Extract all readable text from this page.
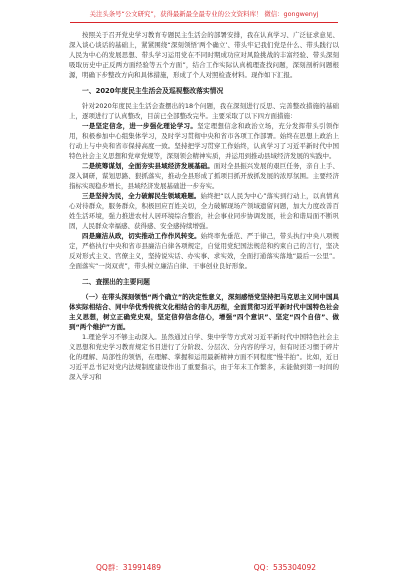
关注头条号“公文研究”，获得最新最全最专业的公文资料库！ 微信：gongwenyj

按照关于召开党史学习教育专题民主生活会的部署安排，我在认真学习、广泛征求意见、深入谈心谈话的基础上，紧紧围绕“深刻领悟‘两个确立’、带头牢记我们党是什么、带头践行以人民为中心的发展思想、带头学习运用党在不同时期成功应对风险挑战的丰富经验、带头深刻吸取历史中正反两方面经验等五个方面”，结合工作实际认真梳理查找问题，深刻剖析问题根源，明确下步整改方向和具体措施，形成了个人对照检查材料。现作如下汇报。

一、2020年度民主生活会及巡视整改落实情况

针对2020年度民主生活会查摆出的18个问题，我在深刻进行反思、完善整改措施的基础上，逐项进行了认真整改，目前已全部整改完毕。主要采取了以下四方面措施：

一是坚定信念，进一步强化理论学习。坚定理想信念和政治立场，充分发挥带头引领作用，积极参加中心组集体学习，及时学习贯彻中央和省市各项工作部署。始终在思想上政治上行动上与中央和省市保持高度一致。坚持把学习贯穿工作始终，认真学习了习近平新时代中国特色社会主义思想和党章党规等，深刻领会精神实质，并运用到推动县域经济发展的实践中。

二是统筹谋划，全面夯实县域经济发展基础。面对全县振兴发展的艰巨任务，亲自上手、深入调研，谋划思路、狠抓落实，推动全县形成了抓项目抓开放抓发展的浓厚氛围。主要经济指标实现稳步增长，县域经济发展基础进一步夯实。

三是坚持为民，全力破解民生领域难题。始终把“以人民为中心”落实到行动上，以真情真心对待群众，服务群众，积极回应百姓关切，全力破解现场产领域遗留问题，加大力度改善百姓生活环境，强力推进农村人居环境综合整治，社会事业同步协调发展，社会和谐局面不断巩固，人民群众幸福感、获得感、安全感持续增强。

四是廉洁从政，切实推动工作作风转变。始终率先垂范、严于律己，带头执行中央八项规定，严格执行中央和省市县廉洁自律各项规定，自觉用党纪国法规范和约束自己的言行，坚决反对形式主义、官僚主义，坚持说实话、办实事、求实效，全面打通落实落地“最后一公里”。全面落实“一岗双责”，带头树立廉洁自律、干事创业良好形象。

二、查摆出的主要问题

（一）在带头深刻领悟“两个确立”的决定性意义，深刻感悟党坚持把马克思主义同中国具体实际相结合、同中华优秀传统文化相结合的非凡历程，全面贯彻习近平新时代中国特色社会主义思想，树立正确党史观，坚定信仰信念信心，增强“四个意识”、坚定“四个自信”、做到“两个维护”方面。

1.理论学习不够主动深入。虽然通过自学、集中学等方式对习近平新时代中国特色社会主义思想和党史学习教育规定书目进行了分阶段、分层次、分内容的学习，但有时还习惯于碎片化的理解、局部性的领悟，在理解、掌握和运用最新精神方面不同程度“慢半拍”。比如，近日习近平总书记对党内法规制度建设作出了重要指示，由于年末工作繁多，未能做到第一时间的深入学习和

QQ群：31991489	QQ：535304092
